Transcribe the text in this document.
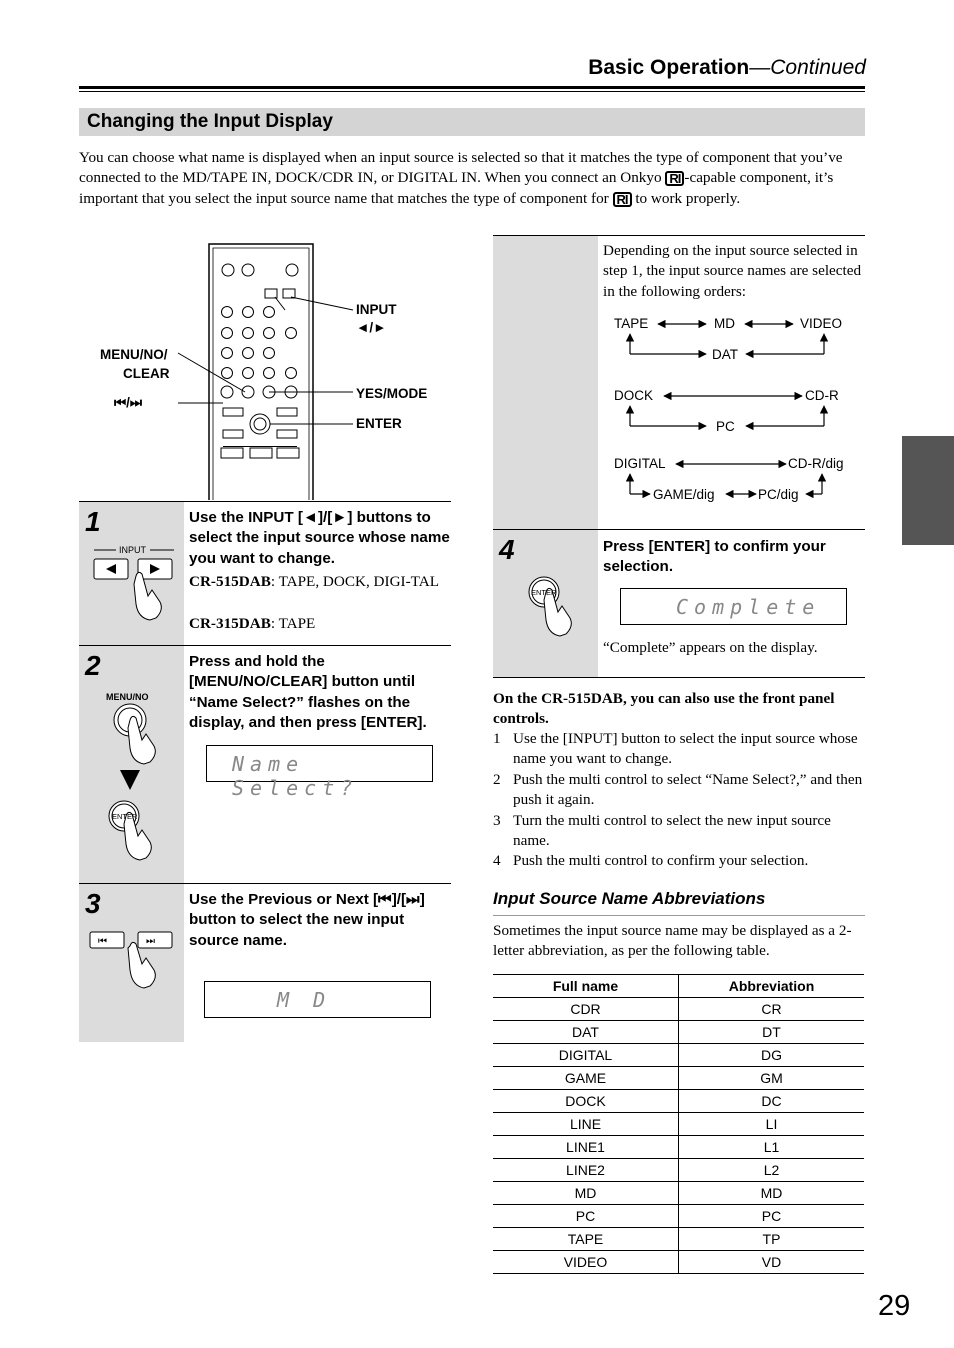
Basic Operation—Continued
Changing the Input Display
You can choose what name is displayed when an input source is selected so that it matches the type of component that you’ve connected to the MD/TAPE IN, DOCK/CDR IN, or DIGITAL IN. When you connect an Onkyo RI -capable component, it’s important that you select the input source name that matches the type of component for RI to work properly.
INPUT
◄/►
MENU/NO/
CLEAR
⏮/⏭
YES/MODE
ENTER
1
INPUT
Use the INPUT [◄]/[►] buttons to select the input source whose name you want to change.
CR-515DAB: TAPE, DOCK, DIGI-TAL
CR-315DAB: TAPE
2
MENU/NO
ENTER
Press and hold the [MENU/NO/CLEAR] button until “Name Select?” flashes on the display, and then press [ENTER].
Name Select?
3
⏮	⏭
Use the Previous or Next [⏮]/[⏭] button to select the new input source name.
M D
Depending on the input source selected in step 1, the input source names are selected in the following orders:
TAPE	MD	VIDEO
DAT
DOCK	CD-R
PC
DIGITAL	CD-R/dig
GAME/dig	PC/dig
4
ENTER
Press [ENTER] to confirm your selection.
Complete
“Complete” appears on the display.
On the CR-515DAB, you can also use the front panel controls.
1 Use the [INPUT] button to select the input source whose name you want to change.
2 Push the multi control to select “Name Select?,” and then push it again.
3 Turn the multi control to select the new input source name.
4 Push the multi control to confirm your selection.
Input Source Name Abbreviations
Sometimes the input source name may be displayed as a 2-letter abbreviation, as per the following table.
Full name	Abbreviation
CDR	CR
DAT	DT
DIGITAL	DG
GAME	GM
DOCK	DC
LINE	LI
LINE1	L1
LINE2	L2
MD	MD
PC	PC
TAPE	TP
VIDEO	VD
29
